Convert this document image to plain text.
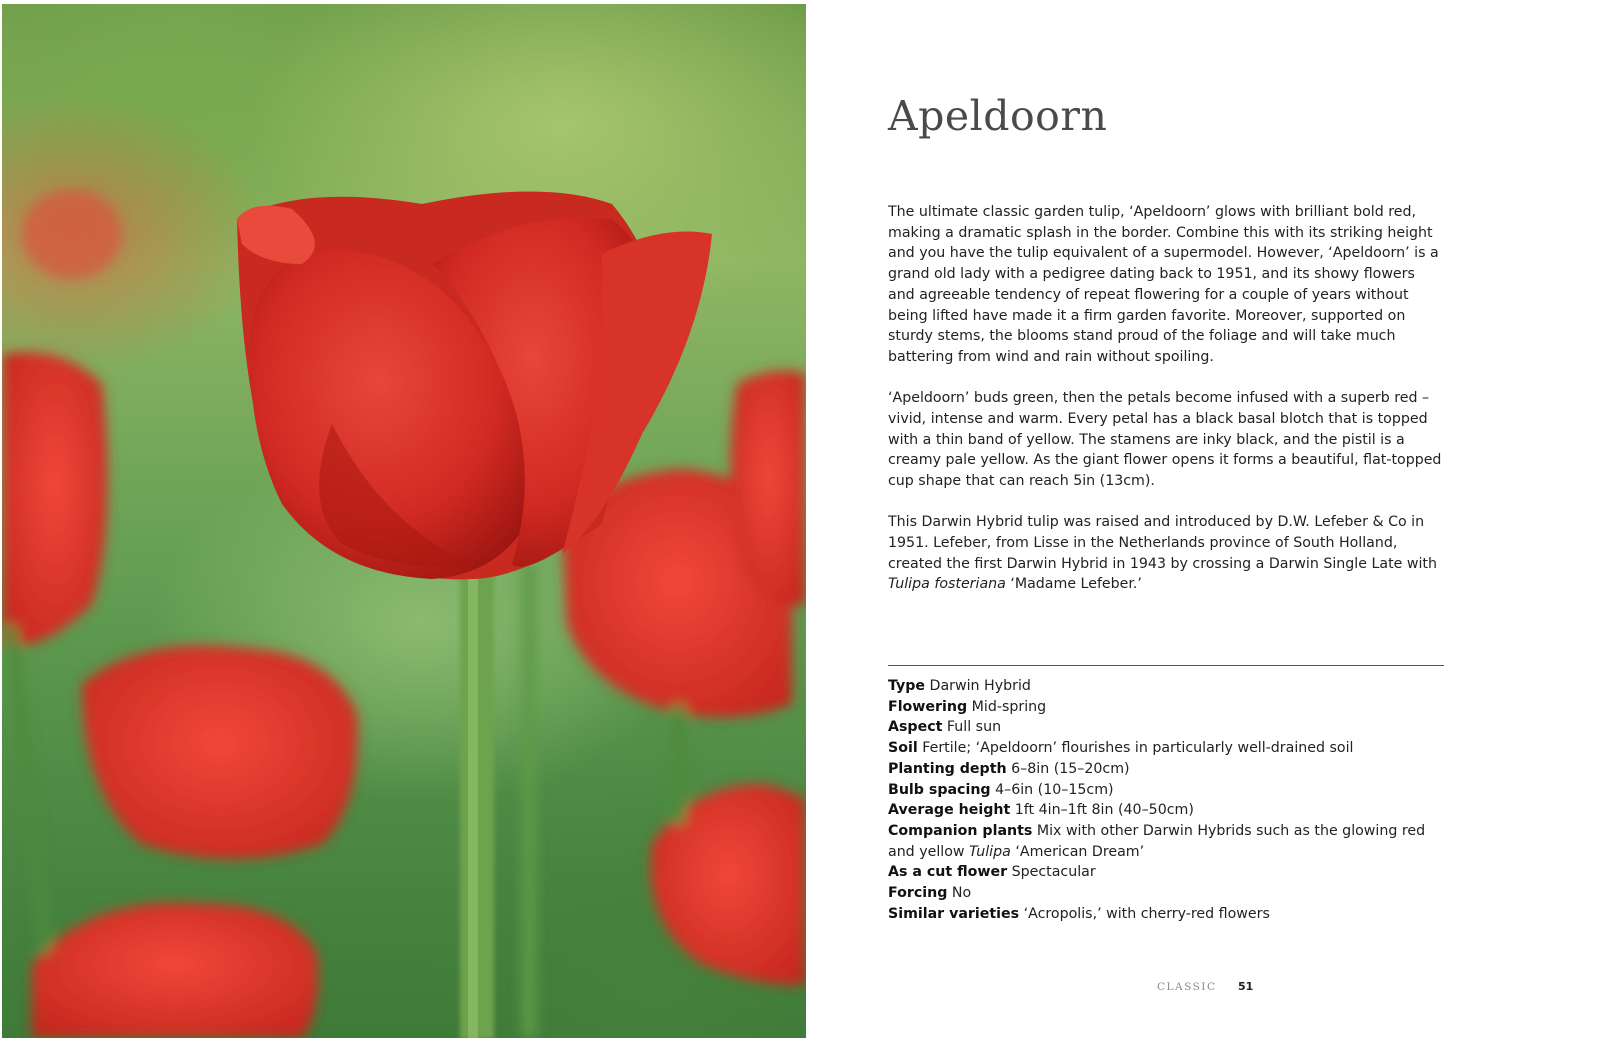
Apeldoorn

The ultimate classic garden tulip, ‘Apeldoorn’ glows with brilliant bold red, making a dramatic splash in the border. Combine this with its striking height and you have the tulip equivalent of a supermodel. However, ‘Apeldoorn’ is a grand old lady with a pedigree dating back to 1951, and its showy flowers and agreeable tendency of repeat flowering for a couple of years without being lifted have made it a firm garden favorite. Moreover, supported on sturdy stems, the blooms stand proud of the foliage and will take much battering from wind and rain without spoiling.

‘Apeldoorn’ buds green, then the petals become infused with a superb red – vivid, intense and warm. Every petal has a black basal blotch that is topped with a thin band of yellow. The stamens are inky black, and the pistil is a creamy pale yellow. As the giant flower opens it forms a beautiful, flat-topped cup shape that can reach 5in (13cm).

This Darwin Hybrid tulip was raised and introduced by D.W. Lefeber & Co in 1951. Lefeber, from Lisse in the Netherlands province of South Holland, created the first Darwin Hybrid in 1943 by crossing a Darwin Single Late with Tulipa fosteriana ‘Madame Lefeber.’

Type Darwin Hybrid

Flowering Mid-spring

Aspect Full sun

Soil Fertile; ‘Apeldoorn’ flourishes in particularly well-drained soil

Planting depth 6–8in (15–20cm)

Bulb spacing 4–6in (10–15cm)

Average height 1ft 4in–1ft 8in (40–50cm)

Companion plants Mix with other Darwin Hybrids such as the glowing red and yellow Tulipa ‘American Dream’

As a cut flower Spectacular

Forcing No

Similar varieties ‘Acropolis,’ with cherry-red flowers

CLASSIC 51
